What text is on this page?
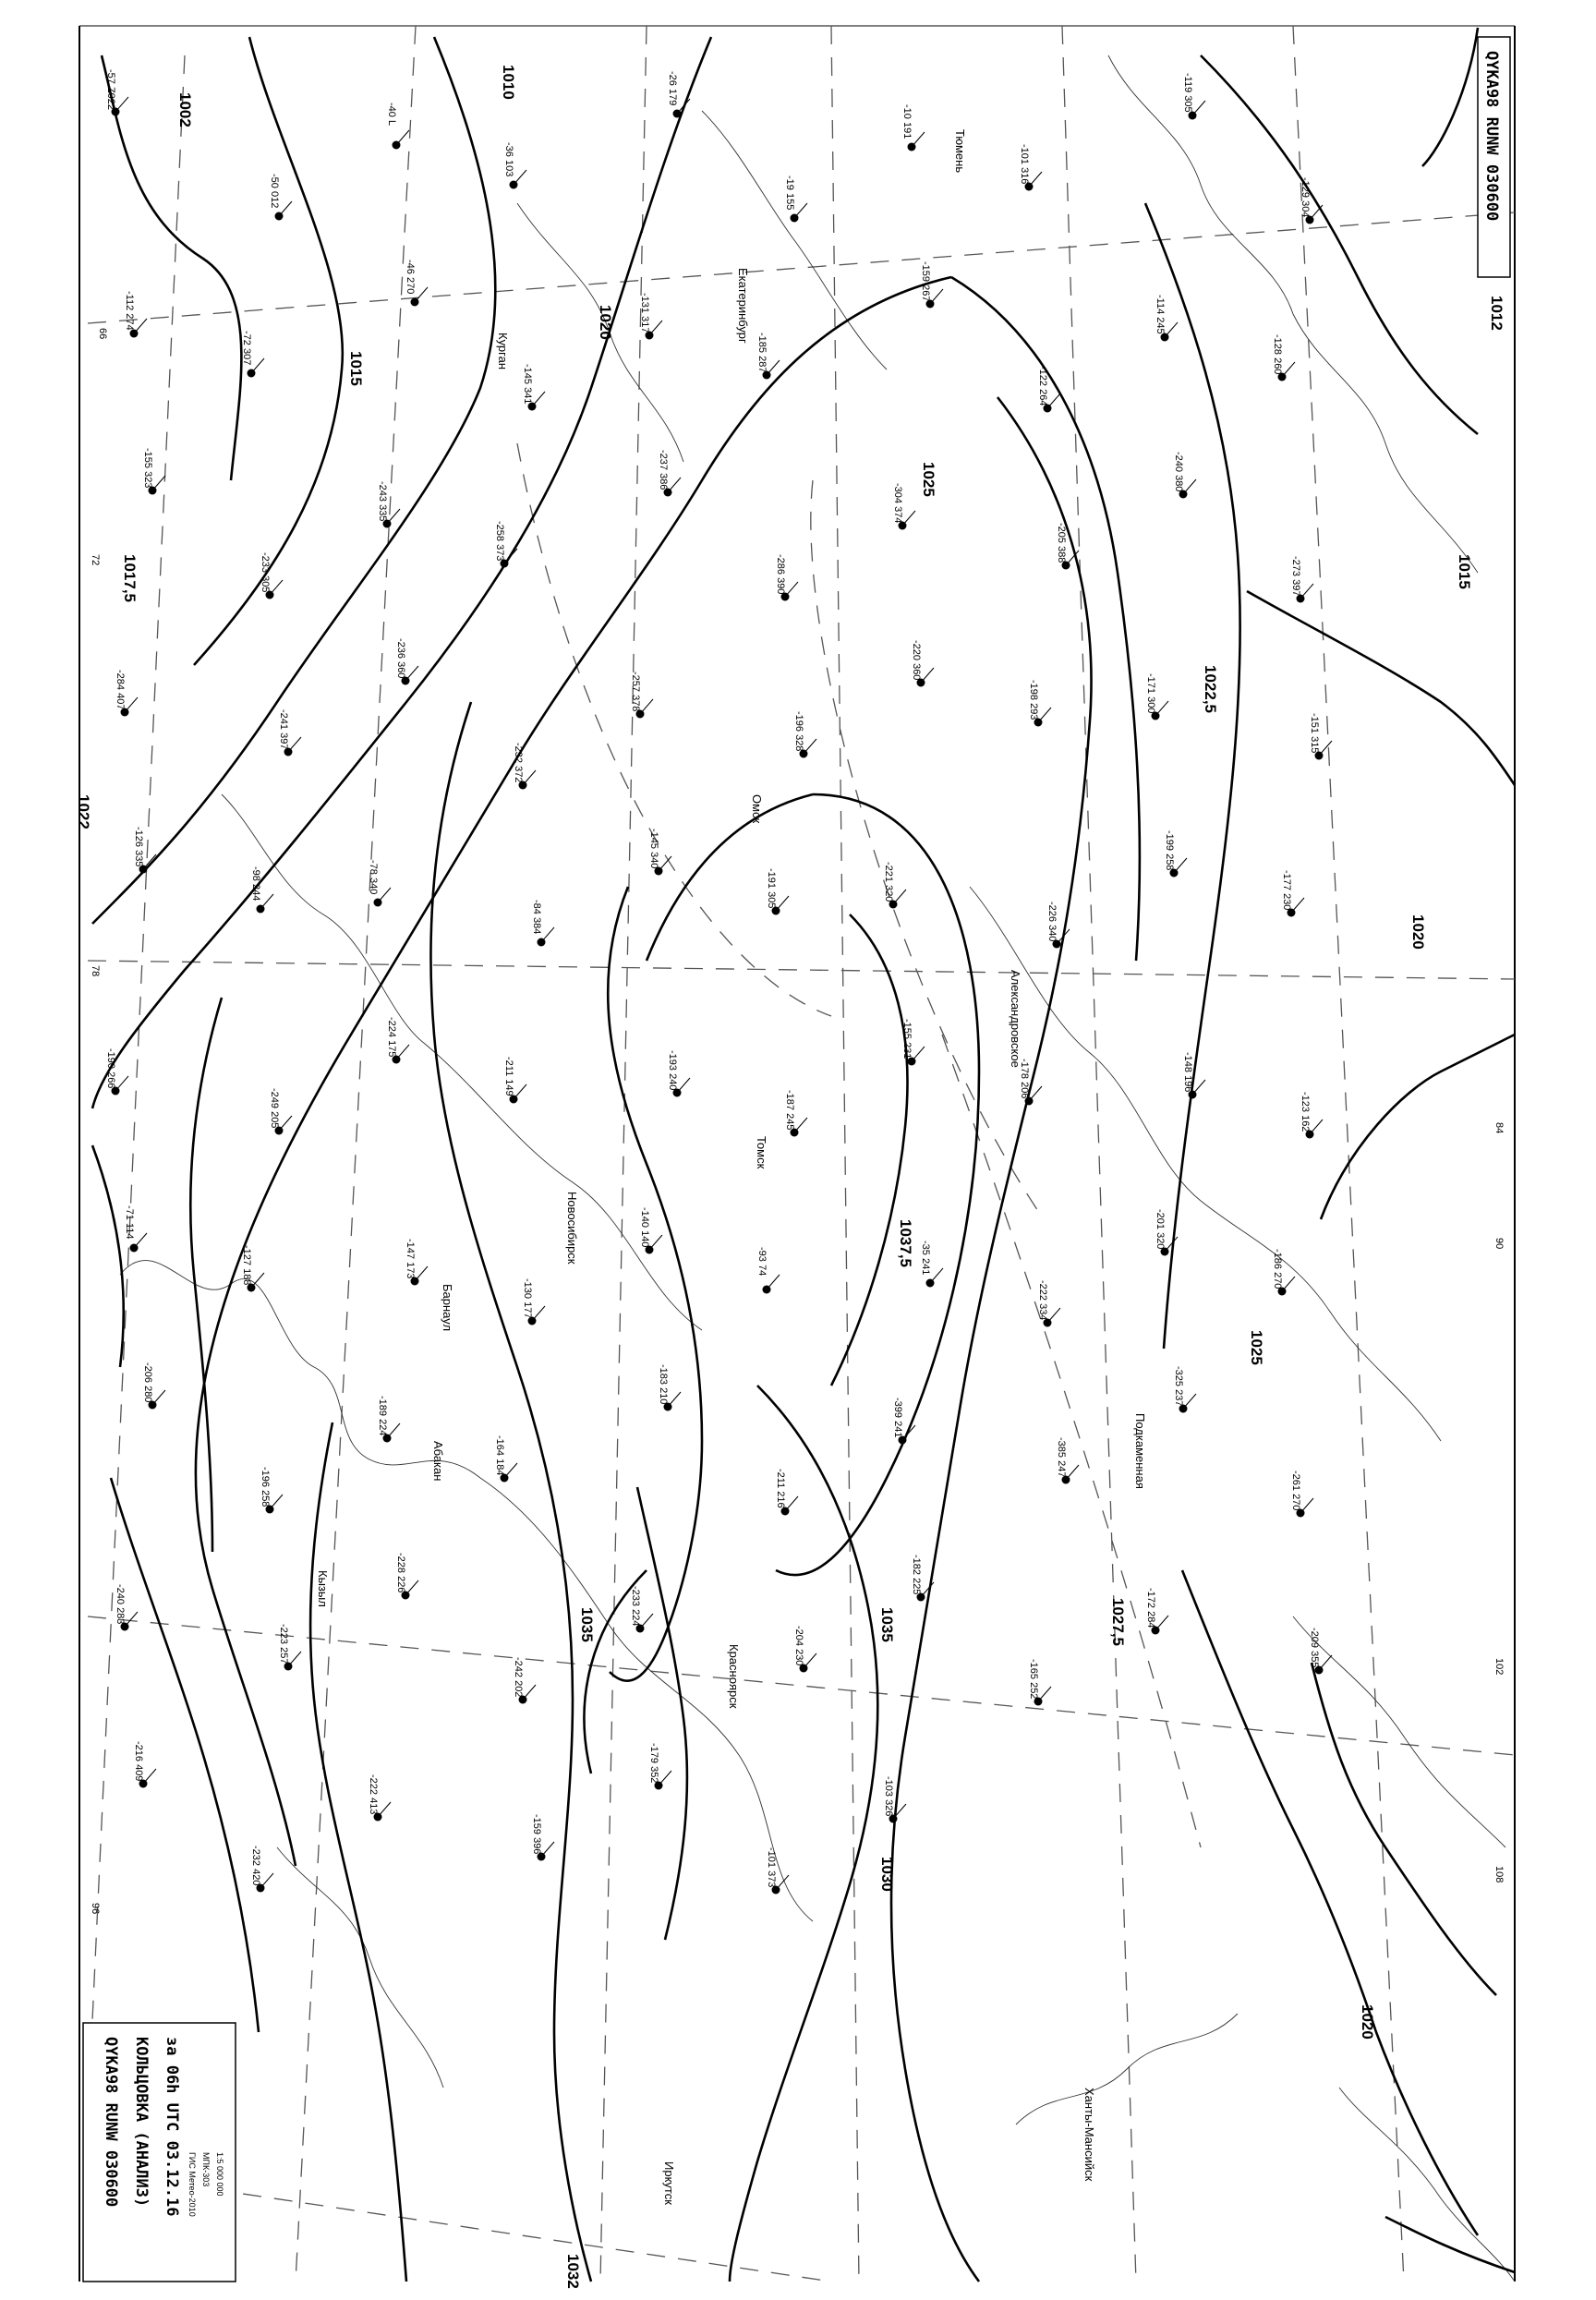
1002
1010
1012
1015
1015
1017,5
1020
1020
1020
1022
1022,5
1025
1025
1027,5
1030
1032
1035
1035
1037,5
66
72
78
84
90
96
102
108
Екатеринбург
Тюмень
Курган
Омск
Новосибирск
Барнаул
Томск
Красноярск
Иркутск
Александровское
Подкаменная
Абакан
Кызыл
Ханты-Мансийск
-57 Z022
-50 012
-40 L
-36 103
-26 179
-19 155
-10 191
-101 316
-119 305
-129 304
-112 274
-72 307
-46 270
-145 341
-131 317
-185 287
-159 267
-122 264
-114 245
-128 260
-155 323
-233 305
-243 335
-258 373
-237 386
-286 390
-304 374
-205 388
-240 380
-273 397
-284 407
-241 397
-236 360
-232 372
-257 378
-196 328
-220 360
-198 293	-171 300
-151 315
-126 335
-98 244	-78 340
-84 384
-145 340
-191 305	-221 320
-226 340
-199 258
-177 230
-190 266
-249 205
-224 175
-211 149	-193 240
-187 245
-155 231
-178 206	-148 196
-123 162
-71 114
-127 188	-147 173
-130 177
-140 140
-93 74	-35 241
-222 334
-201 320
-186 270
-206 280
-196 258
-189 224
-164 184
-183 210
-211 216
-399 241
-385 247
-325 237
-261 270
-240 283
-223 257
-228 226
-242 202
-233 224
-204 230
-182 225
-165 252
-172 284
-209 355
-216 409
-232 420
-222 413
-159 396
-179 352
-101 373
-103 326
QYKA98 RUNW 030600
QYKA98 RUNW 030600 КОЛЬЦОВКА (АНАЛИЗ) за 06h UTC 03.12.16 ГИС Метео-2010 МПК-303 1:5 000 000
